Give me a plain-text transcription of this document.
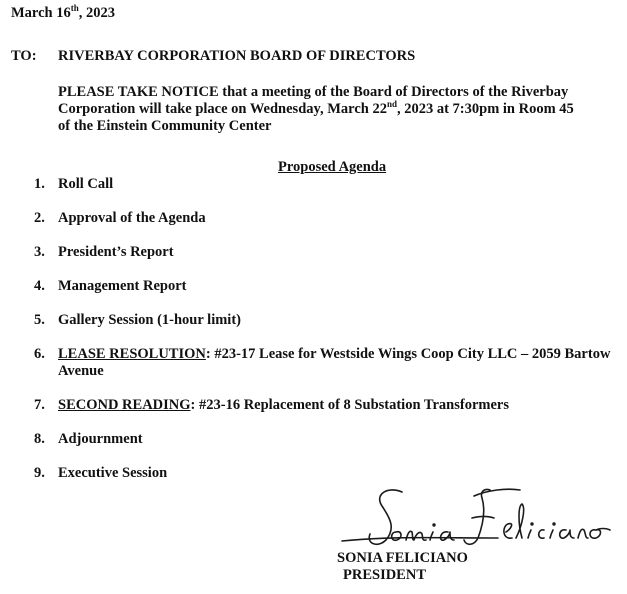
March 16th, 2023
TO: RIVERBAY CORPORATION BOARD OF DIRECTORS
PLEASE TAKE NOTICE that a meeting of the Board of Directors of the Riverbay
Corporation will take place on Wednesday, March 22nd, 2023 at 7:30pm in Room 45
of the Einstein Community Center
Proposed Agenda
1. Roll Call
2. Approval of the Agenda
3. President’s Report
4. Management Report
5. Gallery Session (1-hour limit)
6. LEASE RESOLUTION: #23-17 Lease for Westside Wings Coop City LLC – 2059 Bartow Avenue
7. SECOND READING: #23-16 Replacement of 8 Substation Transformers
8. Adjournment
9. Executive Session
SONIA FELICIANO
PRESIDENT
